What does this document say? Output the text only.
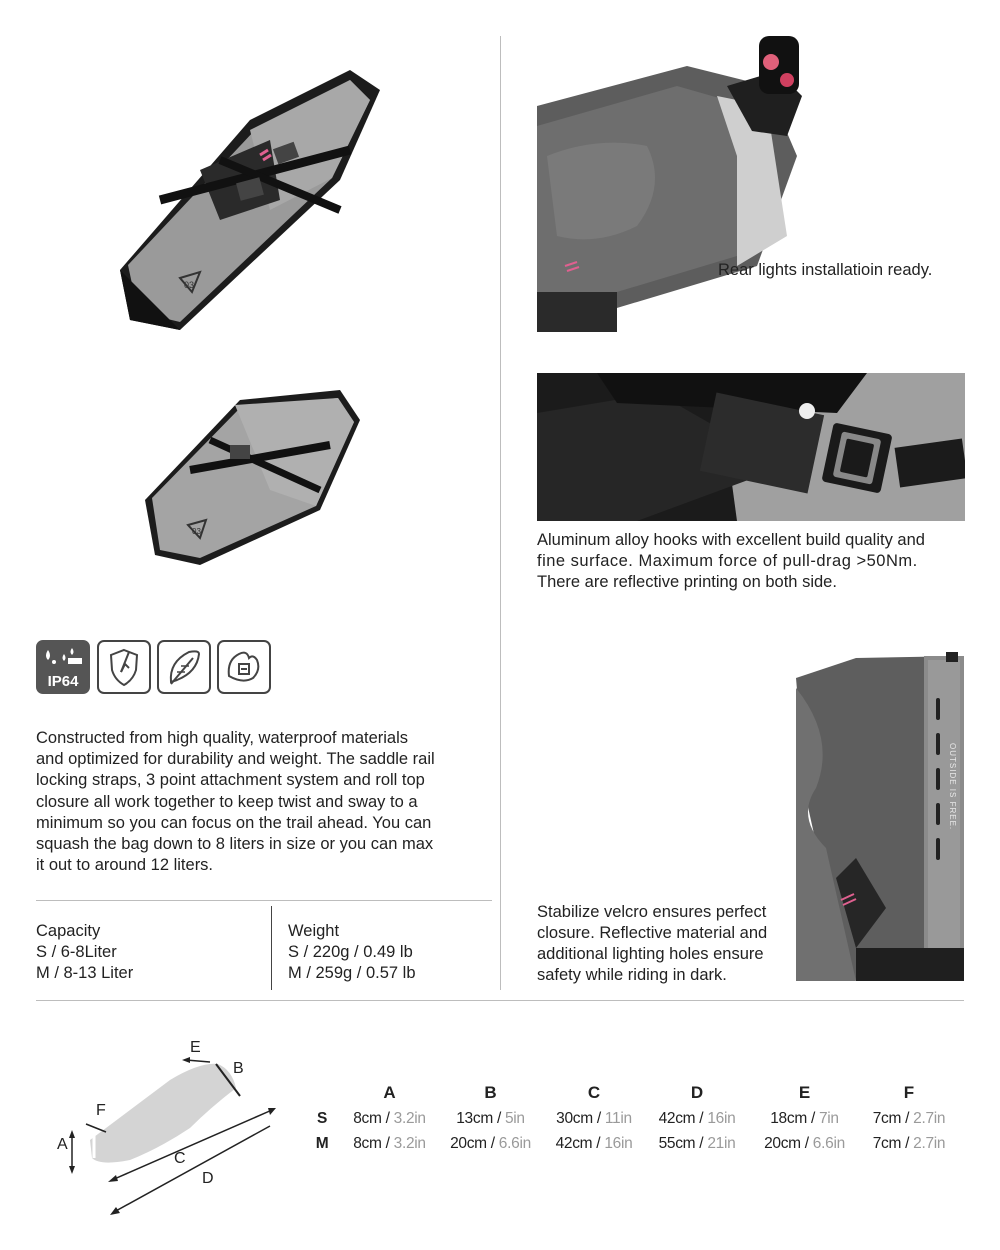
03
03
OUTSIDE IS FREE.
Rear lights installatioin ready.
Aluminum alloy hooks with excellent build quality and
fine surface. Maximum force of pull-drag >50Nm.
There are reflective printing on both side.
Stabilize velcro ensures perfect
closure. Reflective material and
additional lighting holes ensure
safety while riding in dark.
IP64
Constructed from high quality, waterproof materials
and optimized for durability and weight. The saddle rail
locking straps, 3 point attachment system and roll top
closure all work together to keep twist and sway to a
minimum so you can focus on the trail ahead. You can
squash the bag down to 8 liters in size or you can max
it out to around 12 liters.
Capacity
S / 6-8Liter
M / 8-13 Liter
Weight
S / 220g / 0.49 lb
M / 259g / 0.57 lb
A
B
C
D
E
F
	A	B	C	D	E	F
S	8cm / 3.2in	13cm / 5in	30cm / 11in	42cm / 16in	18cm / 7in	7cm / 2.7in
M	8cm / 3.2in	20cm / 6.6in	42cm / 16in	55cm / 21in	20cm / 6.6in	7cm / 2.7in
